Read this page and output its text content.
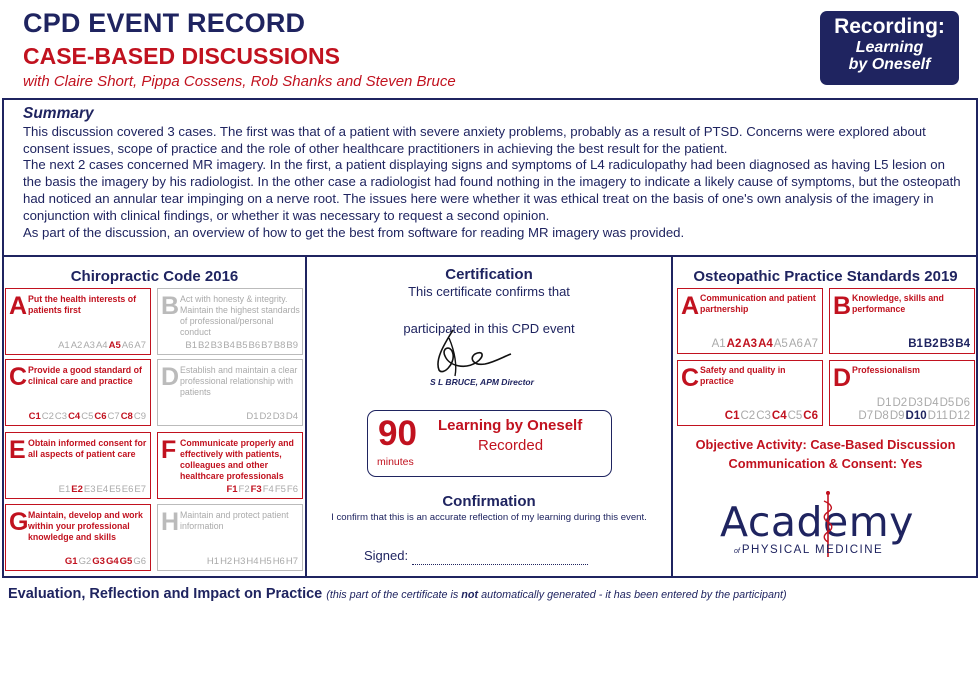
CPD EVENT RECORD
CASE-BASED DISCUSSIONS
with Claire Short, Pippa Cossens, Rob Shanks and Steven Bruce
Recording:
Learning
by Oneself
Summary

This discussion covered 3 cases. The first was that of a patient with severe anxiety problems, probably as a result of PTSD. Concerns were explored about consent issues, scope of practice and the role of other healthcare practitioners in achieving the best result for the patient.

The next 2 cases concerned MR imagery. In the first, a patient displaying signs and symptoms of L4 radiculopathy had been diagnosed as having L5 lesion on the basis the imagery by his radiologist. In the other case a radiologist had found nothing in the imagery to indicate a likely cause of symptoms, but the osteopath had noticed an annular tear impinging on a nerve root. The issues here were whether it was ethical treat on the basis of one's own analysis of the imagery in conjunction with clinical findings, or whether it was necessary to request a second opinion.

As part of the discussion, an overview of how to get the best from software for reading MR imagery was provided.

Chiropractic Code 2016
A Put the health interests of patients first
A1A2A3A4A5A6A7
B Act with honesty & integrity. Maintain the highest standards of professional/personal conduct
B1B2B3B4B5B6B7B8B9
C Provide a good standard of clinical care and practice
C1C2C3C4C5C6C7C8C9
D Establish and maintain a clear professional relationship with patients
D1D2D3D4
E Obtain informed consent for all aspects of patient care
E1E2E3E4E5E6E7
F Communicate properly and effectively with patients, colleagues and other healthcare professionals
F1F2F3F4F5F6
G Maintain, develop and work within your professional knowledge and skills
G1G2G3G4G5G6
H Maintain and protect patient information
H1H2H3H4H5H6H7
Certification
This certificate confirms that
participated in this CPD event
S L BRUCE, APM Director
90
minutes
Learning by Oneself
Recorded
Confirmation
I confirm that this is an accurate reflection of my learning during this event.
Signed:
Osteopathic Practice Standards 2019
A Communication and patient partnership
A1A2A3A4A5A6A7
B Knowledge, skills and performance
B1B2B3B4
C Safety and quality in practice
C1C2C3C4C5C6
D Professionalism
D1D2D3D4D5D6
D7D8D9D10D11D12
Objective Activity: Case-Based Discussion
Communication & Consent: Yes
Academy
of PHYSICAL MEDICINE
Evaluation, Reflection and Impact on Practice (this part of the certificate is not automatically generated - it has been entered by the participant)
